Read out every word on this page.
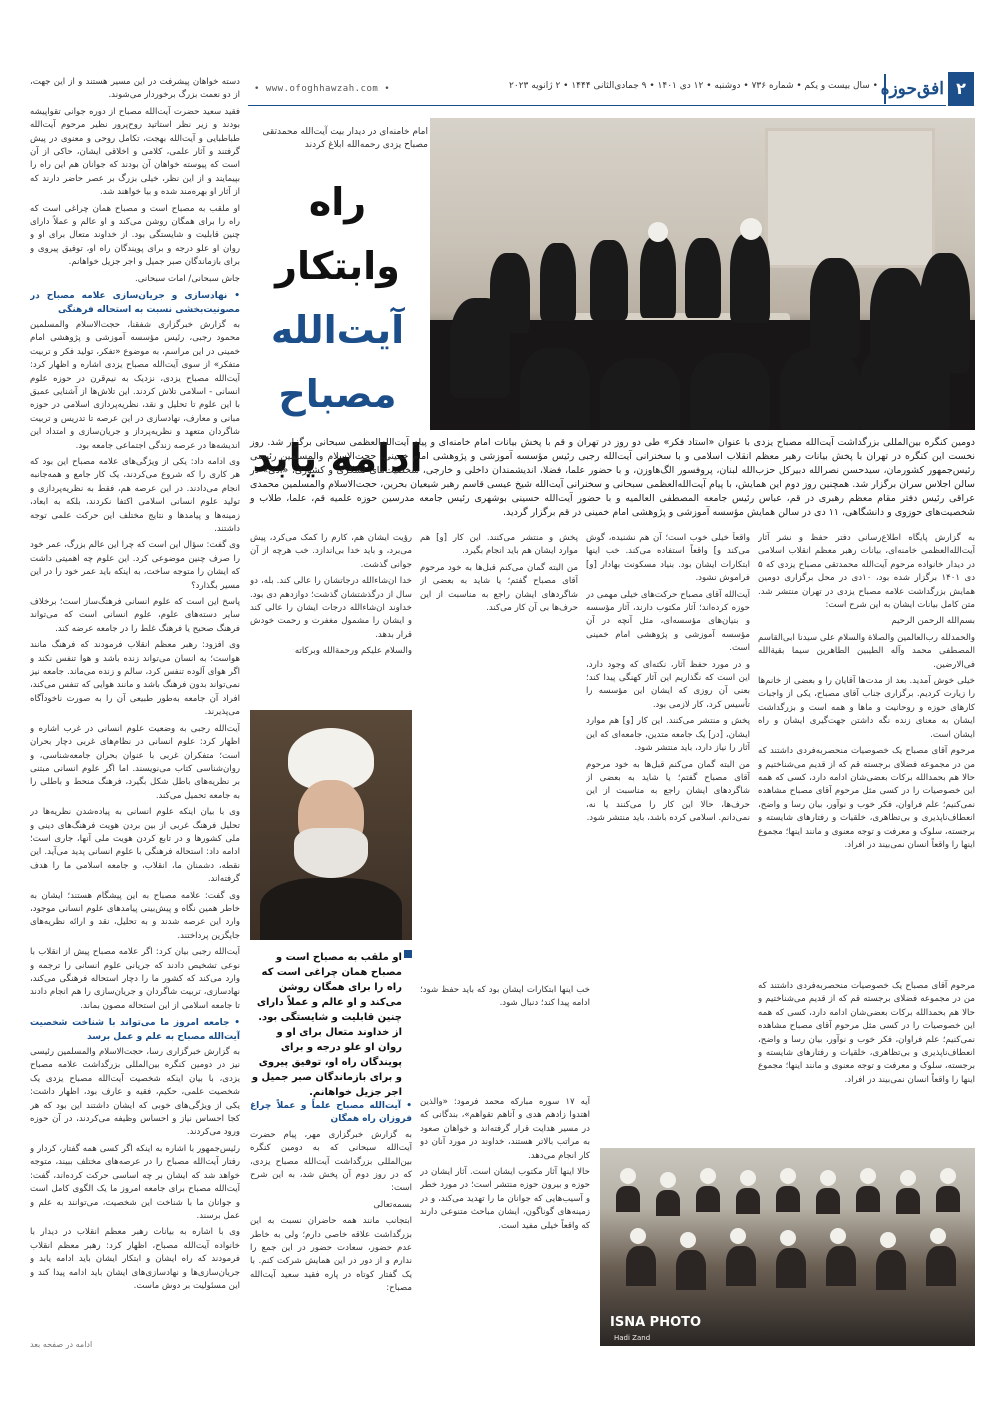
۲
افق‌حوزه
• سال بیست و یکم • شماره ۷۳۶ • دوشنبه • ۱۲ دی ۱۴۰۱ • ۹ جمادی‌الثانی ۱۴۴۴ • ۲ ژانویه ۲۰۲۳
• www.ofoghhawzah.com •
امام خامنه‌ای در دیدار بیت آیت‌الله محمدتقی مصباح یزدی رحمه‌الله ابلاغ کردند
راه وابتکار
آیت‌الله
مصباح
ادامه یابد
دومین کنگره بین‌المللی بزرگداشت آیت‌الله مصباح یزدی با عنوان «استاد فکر» طی دو روز در تهران و قم با پخش بیانات امام خامنه‌ای و پیام آیت‌الله‌العظمی سبحانی برگزار شد. روز نخست این کنگره در تهران با پخش بیانات رهبر معظم انقلاب اسلامی و با سخنرانی آیت‌الله رجبی رئیس مؤسسه آموزشی و پژوهشی امام خمینی، حجت‌الاسلام والمسلمین رئیسی رئیس‌جمهور کشورمان، سیدحسن نصرالله دبیرکل حزب‌الله لبنان، پروفسور الگ‌هاوزن، و با حضور علما، فضلا، اندیشمندان داخلی و خارجی، شخصیت‌های لشکری و کشوری، «ادی» در سالن اجلاس سران برگزار شد. همچنین روز دوم این همایش، با پیام آیت‌الله‌العظمی سبحانی و سخنرانی آیت‌الله شیخ عیسی قاسم رهبر شیعیان بحرین، حجت‌الاسلام والمسلمین محمدی عراقی رئیس دفتر مقام معظم رهبری در قم، عباس رئیس جامعه المصطفی العالمیه و با حضور آیت‌الله حسینی بوشهری رئیس جامعه مدرسین حوزه علمیه قم، علما، طلاب و شخصیت‌های حوزوی و دانشگاهی، ۱۱ دی در سالن همایش مؤسسه آموزشی و پژوهشی امام خمینی در قم برگزار گردید.

به گزارش پایگاه اطلاع‌رسانی دفتر حفظ و نشر آثار آیت‌الله‌العظمی خامنه‌ای، بیانات رهبر معظم انقلاب اسلامی در دیدار خانواده مرحوم آیت‌الله محمدتقی مصباح یزدی که ۵ دی ۱۴۰۱ برگزار شده بود، ۱۰دی در محل برگزاری دومین همایش بزرگداشت علامه مصباح یزدی در تهران منتشر شد. متن کامل بیانات ایشان به این شرح است:

بسم‌الله الرحمن الرحیم

والحمدلله رب‌العالمین والصلاة والسلام علی سیدنا ابی‌القاسم المصطفی محمد وآله الطیبین الطاهرین سیما بقیةالله فی‌الارضین.

خیلی خوش آمدید. بعد از مدت‌ها آقایان را و بعضی از خانم‌ها را زیارت کردیم. برگزاری جناب آقای مصباح، یکی از واجبات کارهای حوزه و روحانیت و ماها و همه است و بزرگداشت ایشان به معنای زنده نگه داشتن جهت‌گیری ایشان و راه ایشان است.

مرحوم آقای مصباح یک خصوصیات منحصربه‌فردی داشتند که من در مجموعه فضلای برجسته قم که از قدیم می‌شناختیم و حالا هم بحمدالله برکات بعضی‌شان ادامه دارد، کسی که همه این خصوصیات را در کسی مثل مرحوم آقای مصباح مشاهده نمی‌کنیم؛ علم فراوان، فکر خوب و نوآور، بیان رسا و واضح، انعطاف‌ناپذیری و بی‌تظاهری، خلقیات و رفتارهای شایسته و برجسته، سلوک و معرفت و توجه معنوی و مانند اینها؛ مجموع اینها را واقعاً انسان نمی‌بیند در افراد.

واقعاً خیلی خوب است؛ آن هم نشنیده، گوش می‌کند و] واقعاً استفاده می‌کند. خب اینها ابتکارات ایشان بود. بنیاد مسکونت بهادار [و] فراموش نشود.

آیت‌الله آقای مصباح حرکت‌های خیلی مهمی در حوزه کرده‌اند؛ آثار مکتوب دارند، آثار مؤسسه و بنیان‌های مؤسسه‌ای، مثل آنچه در آن مؤسسه آموزشی و پژوهشی امام خمینی است.

و در مورد حفظ آثار، نکته‌ای که وجود دارد، این است که نگذاریم این آثار کهنگی پیدا کند؛ بعنی آن روزی که ایشان این مؤسسه را تأسیس کرد، کار لازمی بود.

پخش و منتشر می‌کنند. این کار [و] هم موارد ایشان، [در] یک جامعه متدین، جامعه‌ای که این آثار را نیاز دارد، باید منتشر شود.

من البته گمان می‌کنم قبل‌ها به خود مرحوم آقای مصباح گفتم؛ یا شاید به بعضی از شاگردهای ایشان راجع به مناسبت از این حرف‌ها، حالا این کار را می‌کنند یا نه، نمی‌دانم. اسلامی کرده باشد، باید منتشر شود.

پخش و منتشر می‌کنند. این کار [و] هم موارد ایشان هم باید انجام بگیرد.

من البته گمان می‌کنم قبل‌ها به خود مرحوم آقای مصباح گفتم؛ یا شاید به بعضی از شاگردهای ایشان راجع به مناسبت از این حرف‌ها بی آن کار می‌کند.

رؤیت ایشان هم، کارم را کمک می‌کرد، پیش می‌برد، و باید خدا بی‌اندازد. خب هرچه از آن جوانی گذشت.

خدا ان‌شاءالله درجاتشان را عالی کند. بله، دو سال از درگذشتشان گذشت؛ دوازدهم دی بود. خداوند ان‌شاءالله درجات ایشان را عالی کند و ایشان را مشمول مغفرت و رحمت خودش قرار بدهد.

والسلام علیکم ورحمة‌الله وبرکاته

او ملقب به مصباح است و مصباح همان چراغی است که راه را برای همگان روشن می‌کند و او عالم و عملاً دارای چنین قابلیت و شایستگی بود. از خداوند متعال برای او و روان او علو درجه و برای پویندگان راه او، توفیق پیروی و برای بازماندگان صبر جمیل و اجر جزیل خواهانم.
• آیت‌الله مصباح علماً و عملاً چراغ فروزان راه همگان

به گزارش خبرگزاری مهر، پیام حضرت آیت‌الله سبحانی که به دومین کنگره بین‌المللی بزرگداشت آیت‌الله مصباح یزدی، که در روز دوم آن پخش شد، به این شرح است:

بسمه‌تعالی

ابتجانب مانند همه حاضران نسبت به این بزرگداشت علاقه خاصی دارم؛ ولی به خاطر عدم حضور، سعادت حضور در این جمع را ندارم و از دور در این همایش شرکت کنم. با یک گفتار کوتاه در پاره فقید سعید آیت‌الله مصباح:

آیه ۱۷ سوره مبارکه محمد فرمود: «والذین اهتدوا زادهم هدی و آتاهم تقواهم»، بندگانی که در مسیر هدایت قرار گرفته‌اند و خواهان صعود به مراتب بالاتر هستند، خداوند در مورد آنان دو کار انجام می‌دهد.

حالا اینها آثار مکتوب ایشان است. آثار ایشان در حوزه و بیرون حوزه منتشر است؛ در مورد خطر و آسیب‌هایی که جوانان ما را تهدید می‌کند، و در زمینه‌های گوناگون، ایشان مباحث متنوعی دارند که واقعاً خیلی مفید است.

خب اینها ابتکارات ایشان بود که باید حفظ شود؛ ادامه پیدا کند؛ دنبال شود.

مرحوم آقای مصباح یک خصوصیات منحصربه‌فردی داشتند که من در مجموعه فضلای برجسته قم که از قدیم می‌شناختیم و حالا هم بحمدالله برکات بعضی‌شان ادامه دارد، کسی که همه این خصوصیات را در کسی مثل مرحوم آقای مصباح مشاهده نمی‌کنیم؛ علم فراوان، فکر خوب و نوآور، بیان رسا و واضح، انعطاف‌ناپذیری و بی‌تظاهری، خلقیات و رفتارهای شایسته و برجسته، سلوک و معرفت و توجه معنوی و مانند اینها؛ مجموع اینها را واقعاً انسان نمی‌بیند در افراد.

ISNA PHOTO
Hadi Zand

دسته خواهان پیشرفت در این مسیر هستند و از این جهت، از دو نعمت بزرگ برخوردار می‌شوند.

فقید سعید حضرت آیت‌الله مصباح از دوره جوانی تقوا‌پیشه بودند و زیر نظر استاتید روح‌پرور نظیر مرحوم آیت‌الله طباطبایی و آیت‌الله بهجت، تکامل روحی و معنوی در پیش گرفتند و آثار علمی، کلامی و اخلاقی ایشان، حاکی از آن است که پیوسته خواهان آن بودند که جوانان هم این راه را بپیمایند و از این نظر، خیلی بزرگ بر عصر حاضر دارند که از آثار او بهره‌مند شده و بیا خواهند شد.

او ملقب به مصباح است و مصباح همان چراغی است که راه را برای همگان روشن می‌کند و او عالم و عملاً دارای چنین قابلیت و شایستگی بود. از خداوند متعال برای او و روان او علو درجه و برای پویندگان راه او، توفیق پیروی و برای بازماندگان صبر جمیل و اجر جزیل خواهانم.

جاش سبحانی/ امات سبحانی.

• نهادسازی و جریان‌سازی علامه مصباح در مصونیت‌بخشی نسبت به استحاله فرهنگی

به گزارش خبرگزاری شفقنا، حجت‌الاسلام والمسلمین محمود رجبی، رئیس مؤسسه آموزشی و پژوهشی امام خمینی در این مراسم، به موضوع «تفکر، تولید فکر و تربیت متفکر» از سوی آیت‌الله مصباح یزدی اشاره و اظهار کرد: آیت‌الله مصباح یزدی، نزدیک به نیم‌قرن در حوزه علوم انسانی - اسلامی تلاش کردند. این تلاش‌ها از آشنایی عمیق با این علوم تا تحلیل و نقد، نظریه‌پردازی اسلامی در حوزه مبانی و معارف، نهادسازی در این عرصه تا تدریس و تربیت شاگردان متعهد و نظریه‌پرداز و جریان‌سازی و امتداد این اندیشه‌ها در عرصه زندگی اجتماعی جامعه بود.

وی ادامه داد: یکی از ویژگی‌های علامه مصباح این بود که هر کاری را که شروع می‌کردند، یک کار جامع و همه‌جانبه انجام می‌دادند. در این عرصه هم، فقط به نظریه‌پردازی و تولید علوم انسانی اسلامی اکتفا نکردند، بلکه به ابعاد، زمینه‌ها و پیامدها و نتایج مختلف این حرکت علمی توجه داشتند.

وی گفت: سؤال این است که چرا این عالم بزرگ، عمر خود را صرف چنین موضوعی کرد. این علوم چه اهمیتی داشت که ایشان را متوجه ساخت، به اینکه باید عمر خود را در این مسیر بگذارد؟

پاسخ این است که علوم انسانی فرهنگ‌ساز است؛ برخلاف سایر دسته‌های علوم، علوم انسانی است که می‌تواند فرهنگ صحیح یا فرهنگ غلط را در جامعه عرضه کند.

وی افزود: رهبر معظم انقلاب فرمودند که فرهنگ مانند هواست؛ به انسان می‌تواند زنده باشد و هوا تنفس نکند و اگر هوای آلوده تنفس کرد، سالم و زنده می‌ماند. جامعه نیز نمی‌تواند بدون فرهنگ باشد و مانند هوایی که تنفس می‌کند، افراد آن جامعه به‌طور طبیعی آن را به صورت ناخودآگاه می‌پذیرند.

آیت‌الله رجبی به وضعیت علوم انسانی در غرب اشاره و اظهار کرد: علوم انسانی در نظام‌های غربی دچار بحران است؛ متفکران غربی با عنوان بحران جامعه‌شناسی، و روان‌شناسی کتاب می‌نویسند. اما اگر علوم انسانی مبتنی بر نظریه‌های باطل شکل بگیرد، فرهنگ منحط و باطلی را به جامعه تحمیل می‌کند.

وی با بیان اینکه علوم انسانی به پیاده‌شدن نظریه‌ها در تحلیل فرهنگ غربی از بین بردن هویت فرهنگ‌های دینی و ملی کشورها و در تابع کردن هویت ملی آنها، جاری است؛ ادامه داد: استحاله فرهنگی با علوم انسانی پدید می‌آید. این نقطه، دشمنان ما، انقلاب، و جامعه اسلامی ما را هدف گرفته‌اند.

وی گفت: علامه مصباح به این پیشگام هستند؛ ایشان به خاطر همین نگاه و پیش‌بینی پیامدهای علوم انسانی موجود، وارد این عرصه شدند و به تحلیل، نقد و ارائه نظریه‌های جایگزین پرداختند.

آیت‌الله رجبی بیان کرد: اگر علامه مصباح پیش از انقلاب با نوعی تشخیص دادند که جریانی علوم انسانی را ترجمه و وارد می‌کند که کشور ما را دچار استحاله فرهنگی می‌کند، نهادسازی، تربیت شاگردان و جریان‌سازی را هم انجام دادند تا جامعه اسلامی از این استحاله مصون بماند.

• جامعه امروز ما می‌تواند با شناخت شخصیت آیت‌الله مصباح به علم و عمل برسد

به گزارش خبرگزاری رسا، حجت‌الاسلام والمسلمین رئیسی نیز در دومین کنگره بین‌المللی بزرگداشت علامه مصباح یزدی، با بیان اینکه شخصیت آیت‌الله مصباح یزدی یک شخصیت علمی، حکیم، فقیه و عارف بود، اظهار داشت: یکی از ویژگی‌های خوبی که ایشان داشتند این بود که هر کجا احساس نیاز و احساس وظیفه می‌کردند، در آن حوزه ورود می‌کردند.

رئیس‌جمهور با اشاره به اینکه اگر کسی همه گفتار، کردار و رفتار آیت‌الله مصباح را در عرصه‌های مختلف ببیند، متوجه خواهد شد که ایشان بر چه اساسی حرکت کرده‌اند، گفت: آیت‌الله مصباح برای جامعه امروز ما یک الگوی کامل است و جوانان ما با شناخت این شخصیت، می‌توانند به علم و عمل برسند.

وی با اشاره به بیانات رهبر معظم انقلاب در دیدار با خانواده آیت‌الله مصباح، اظهار کرد: رهبر معظم انقلاب فرمودند که راه ایشان و ابتکار ایشان باید ادامه یابد و جریان‌سازی‌ها و نهادسازی‌های ایشان باید ادامه پیدا کند و این مسئولیت بر دوش ماست.

ادامه در صفحه بعد
